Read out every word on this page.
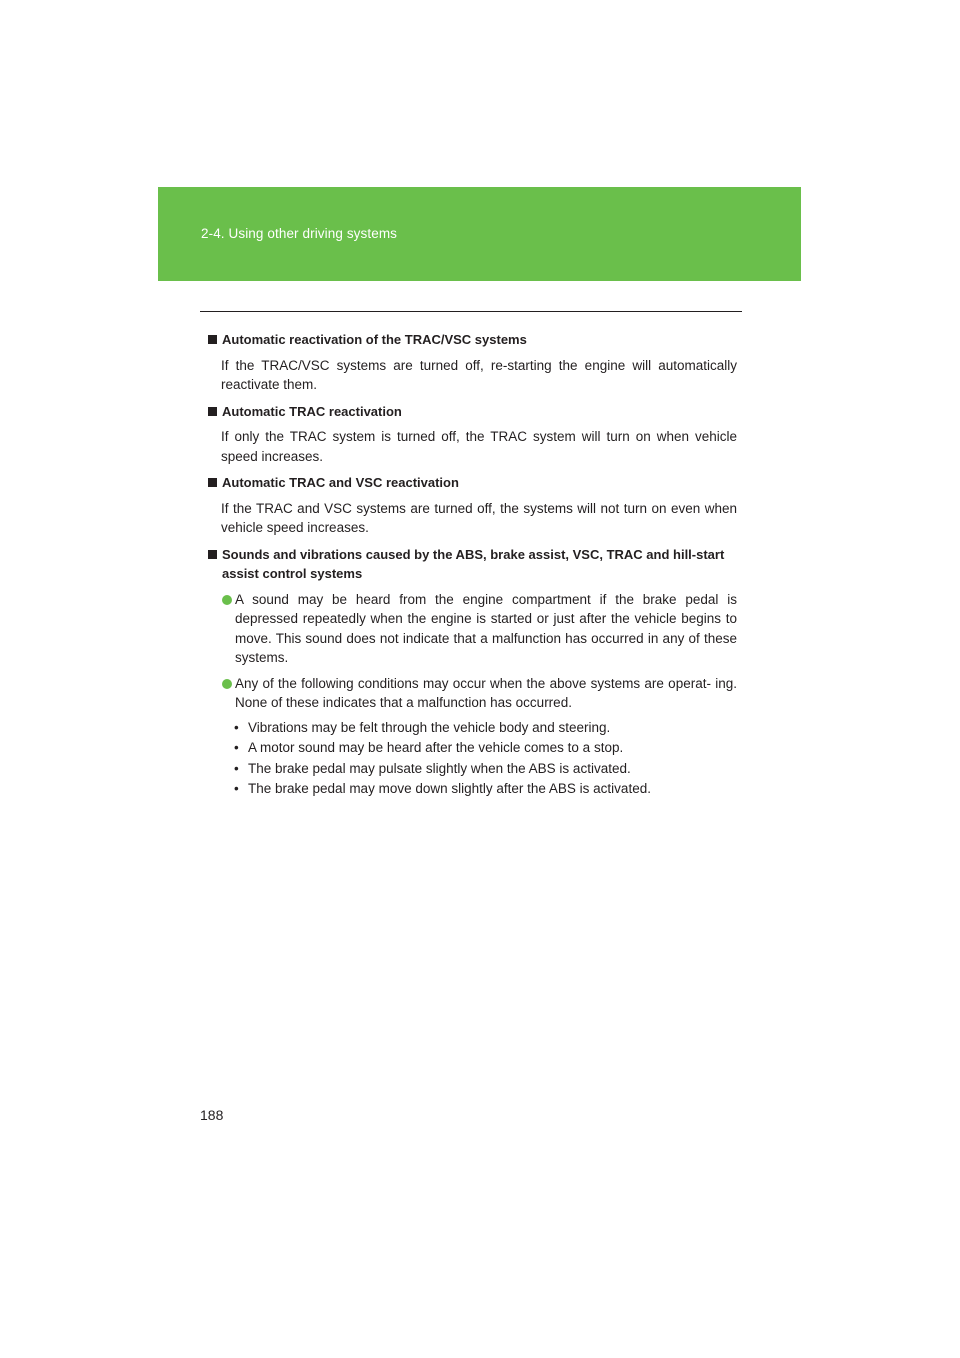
2-4. Using other driving systems
Automatic reactivation of the TRAC/VSC systems
If the TRAC/VSC systems are turned off, re-starting the engine will automatically reactivate them.
Automatic TRAC reactivation
If only the TRAC system is turned off, the TRAC system will turn on when vehicle speed increases.
Automatic TRAC and VSC reactivation
If the TRAC and VSC systems are turned off, the systems will not turn on even when vehicle speed increases.
Sounds and vibrations caused by the ABS, brake assist, VSC, TRAC and hill-start assist control systems
A sound may be heard from the engine compartment if the brake pedal is depressed repeatedly when the engine is started or just after the vehicle begins to move. This sound does not indicate that a malfunction has occurred in any of these systems.
Any of the following conditions may occur when the above systems are operat- ing. None of these indicates that a malfunction has occurred.
• Vibrations may be felt through the vehicle body and steering.
• A motor sound may be heard after the vehicle comes to a stop.
• The brake pedal may pulsate slightly when the ABS is activated.
• The brake pedal may move down slightly after the ABS is activated.
188
